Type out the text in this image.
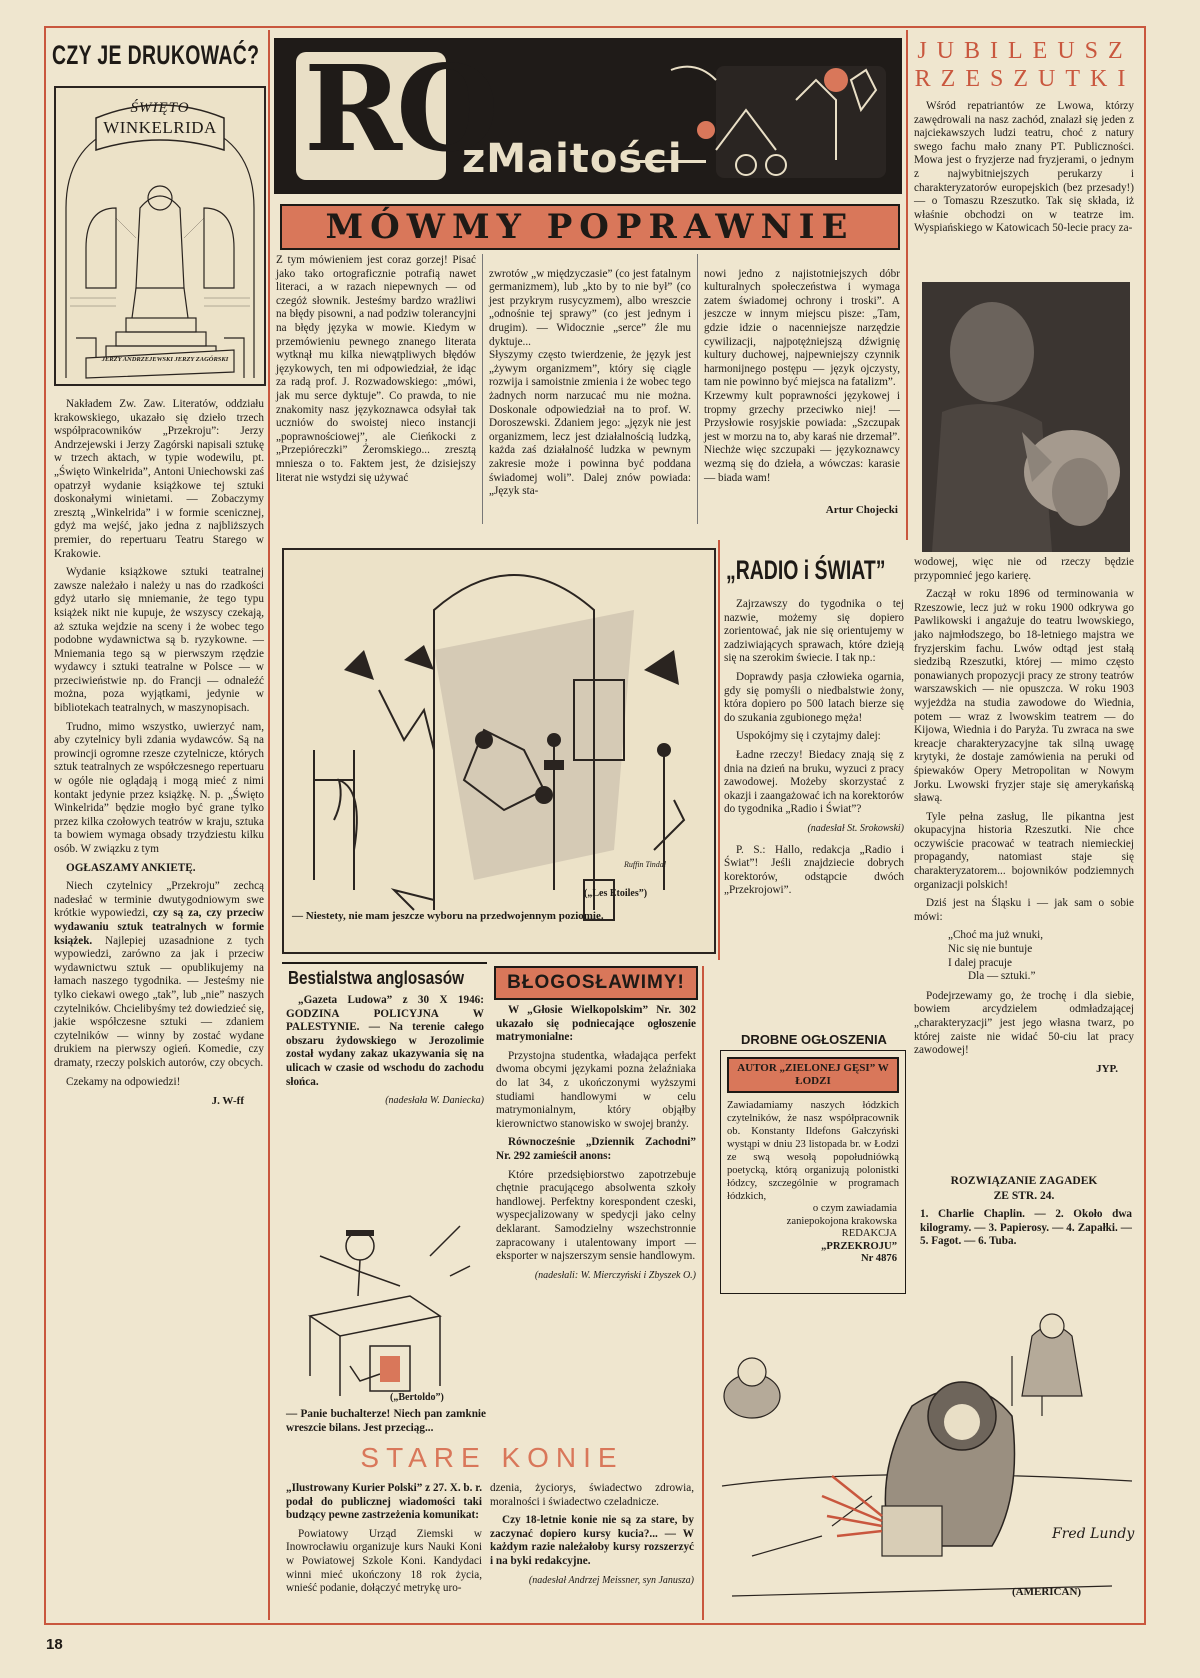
CZY JE DRUKOWAĆ?
ŚWIĘTO
WINKELRIDA
JERZY ANDRZEJEWSKI JERZY ZAGÓRSKI

Nakładem Zw. Zaw. Literatów, oddziału krakowskiego, ukazało się dzieło trzech współpracowników „Przekroju”: Jerzy Andrzejewski i Jerzy Zagórski napisali sztukę w trzech aktach, w typie wodewilu, pt. „Święto Winkelrida”, Antoni Uniechowski zaś opatrzył wydanie książkowe tej sztuki doskonałymi winietami. — Zobaczymy zresztą „Winkelrida” i w formie scenicznej, gdyż ma wejść, jako jedna z najbliższych premier, do repertuaru Teatru Starego w Krakowie.

Wydanie książkowe sztuki teatralnej zawsze należało i należy u nas do rzadkości gdyż utarło się mniemanie, że tego typu książek nikt nie kupuje, że wszyscy czekają, aż sztuka wejdzie na sceny i że wobec tego podobne wydawnictwa są b. ryzykowne. — Mniemania tego są w pierwszym rzędzie wydawcy i sztuki teatralne w Polsce — w przeciwieństwie np. do Francji — odnaleźć można, poza wyjątkami, jedynie w bibliotekach teatralnych, w maszynopisach.

Trudno, mimo wszystko, uwierzyć nam, aby czytelnicy byli zdania wydawców. Są na prowincji ogromne rzesze czytelnicze, których sztuk teatralnych ze współczesnego repertuaru w ogóle nie oglądają i mogą mieć z nimi kontakt jedynie przez książkę. N. p. „Święto Winkelrida” będzie mogło być grane tylko przez kilka czołowych teatrów w kraju, sztuka ta bowiem wymaga obsady trzydziestu kilku osób. W związku z tym

OGŁASZAMY ANKIETĘ.

Niech czytelnicy „Przekroju” zechcą nadesłać w terminie dwutygodniowym swe krótkie wypowiedzi, czy są za, czy przeciw wydawaniu sztuk teatralnych w formie książek. Najlepiej uzasadnione z tych wypowiedzi, zarówno za jak i przeciw wydawnictwu sztuk — opublikujemy na łamach naszego tygodnika. — Jesteśmy nie tylko ciekawi owego „tak”, lub „nie” naszych czytelników. Chcielibyśmy też dowiedzieć się, jakie współczesne sztuki — zdaniem czytelników — winny by zostać wydane drukiem na pierwszy ogień. Komedie, czy dramaty, rzeczy polskich autorów, czy obcych.

Czekamy na odpowiedzi!

J. W-ff
RO
zMaitości
MÓWMY POPRAWNIE

Z tym mówieniem jest coraz gorzej! Pisać jako tako ortograficznie potrafią nawet literaci, a w razach niepewnych — od czegóż słownik. Jesteśmy bardzo wrażliwi na błędy pisowni, a nad podziw tolerancyjni na błędy języka w mowie. Kiedym w przemówieniu pewnego znanego literata wytknął mu kilka niewątpliwych błędów językowych, ten mi odpowiedział, że idąc za radą prof. J. Rozwadowskiego: „mówi, jak mu serce dyktuje”. Co prawda, to nie znakomity nasz językoznawca odsyłał tak uczniów do swoistej nieco instancji „poprawnościowej”, ale Cieńkocki z „Przepióreczki” Żeromskiego... zresztą mniesza o to. Faktem jest, że dzisiejszy literat nie wstydzi się używać

zwrotów „w międzyczasie” (co jest fatalnym germanizmem), lub „kto by to nie był” (co jest przykrym rusycyzmem), albo wreszcie „odnośnie tej sprawy” (co jest jednym i drugim). — Widocznie „serce” źle mu dyktuje...
Słyszymy często twierdzenie, że język jest „żywym organizmem”, który się ciągle rozwija i samoistnie zmienia i że wobec tego żadnych norm narzucać mu nie można. Doskonale odpowiedział na to prof. W. Doroszewski. Zdaniem jego: „język nie jest organizmem, lecz jest działalnością ludzką, każda zaś działalność ludzka w pewnym zakresie może i powinna być poddana świadomej woli”. Dalej znów powiada: „Język sta-

nowi jedno z najistotniejszych dóbr kulturalnych społeczeństwa i wymaga zatem świadomej ochrony i troski”. A jeszcze w innym miejscu pisze: „Tam, gdzie idzie o nacenniejsze narzędzie cywilizacji, najpotężniejszą dźwignię kultury duchowej, najpewniejszy czynnik harmonijnego postępu — język ojczysty, tam nie powinno być miejsca na fatalizm”.
Krzewmy kult poprawności językowej i tropmy grzechy przeciwko niej! — Przysłowie rosyjskie powiada: „Szczupak jest w morzu na to, aby karaś nie drzemał”. Niechże więc szczupaki — językoznawcy wezmą się do dzieła, a wówczas: karasie — biada wam!

Artur Chojecki

JUBILEUSZ
RZESZUTKI

Wśród repatriantów ze Lwowa, którzy zawędrowali na nasz zachód, znalazł się jeden z najciekawszych ludzi teatru, choć z natury swego fachu mało znany PT. Publiczności. Mowa jest o fryzjerze nad fryzjerami, o jednym z najwybitniejszych perukarzy i charakteryzatorów europejskich (bez przesady!) — o Tomaszu Rzeszutko. Tak się składa, iż właśnie obchodzi on w teatrze im. Wyspiańskiego w Katowicach 50-lecie pracy za-

wodowej, więc nie od rzeczy będzie przypomnieć jego karierę.

Zaczął w roku 1896 od terminowania w Rzeszowie, lecz już w roku 1900 odkrywa go Pawlikowski i angażuje do teatru lwowskiego, jako najmłodszego, bo 18-letniego majstra we fryzjerskim fachu. Lwów odtąd jest stałą siedzibą Rzeszutki, której — mimo często ponawianych propozycji pracy ze strony teatrów warszawskich — nie opuszcza. W roku 1903 wyjeżdża na studia zawodowe do Wiednia, potem — wraz z lwowskim teatrem — do Kijowa, Wiednia i do Paryża. Tu zwraca na swe kreacje charakteryzacyjne tak silną uwagę krytyki, że dostaje zamówienia na peruki od śpiewaków Opery Metropolitan w Nowym Jorku. Lwowski fryzjer staje się amerykańską sławą.

Tyle pełna zasług, lle pikantna jest okupacyjna historia Rzeszutki. Nie chce oczywiście pracować w teatrach niemieckiej propagandy, natomiast staje się charakteryzatorem... bojowników podziemnych organizacji polskich!

Dziś jest na Śląsku i — jak sam o sobie mówi:

„Choć ma już wnuki,
Nic się nie buntuje
I dalej pracuje
Dla — sztuki.”

Podejrzewamy go, że trochę i dla siebie, bowiem arcydzielem odmładzającej „charakteryzacji” jest jego własna twarz, po której zaiste nie widać 50-ciu lat pracy zawodowej!

JYP.
ROZWIĄZANIE ZAGADEK
ZE STR. 24.
1. Charlie Chaplin. — 2. Około dwa kilogramy. — 3. Papierosy. — 4. Zapałki. — 5. Fagot. — 6. Tuba.
(„Les Etoiles”)
Ruffin Tindal
— Niestety, nie mam jeszcze wyboru na przedwojennym poziomie.
„RADIO i ŚWIAT”

Zajrzawszy do tygodnika o tej nazwie, możemy się dopiero zorientować, jak nie się orientujemy w zadziwiających sprawach, które dzieją się na szerokim świecie. I tak np.:

Doprawdy pasja człowieka ogarnia, gdy się pomyśli o niedbalstwie żony, która dopiero po 500 latach bierze się do szukania zgubionego męża!

Uspokójmy się i czytajmy dalej:

Ładne rzeczy! Biedacy znają się z dnia na dzień na bruku, wyzuci z pracy zawodowej. Możeby skorzystać z okazji i zaangażować ich na korektorów do tygodnika „Radio i Świat”?

(nadesłał St. Srokowski)

P. S.: Hallo, redakcja „Radio i Świat”! Jeśli znajdziecie dobrych korektorów, odstąpcie dwóch „Przekrojowi”.

Bestialstwa anglosasów

„Gazeta Ludowa” z 30 X 1946: GODZINA POLICYJNA W PALESTYNIE. — Na terenie całego obszaru żydowskiego w Jerozolimie został wydany zakaz ukazywania się na ulicach w czasie od wschodu do zachodu słońca.

(nadesłała W. Daniecka)
(„Bertoldo”)
— Panie buchalterze! Niech pan zamknie wreszcie bilans. Jest przeciąg...
BŁOGOSŁAWIMY!

W „Głosie Wielkopolskim” Nr. 302 ukazało się podniecające ogłoszenie matrymonialne:

Przystojna studentka, władająca perfekt dwoma obcymi językami pozna żelaźniaka do lat 34, z ukończonymi wyższymi studiami handlowymi w celu matrymonialnym, który objąłby kierownictwo stanowisko w swojej branży.

Równocześnie „Dziennik Zachodni” Nr. 292 zamieścił anons:

Które przedsiębiorstwo zapotrzebuje chętnie pracującego absolwenta szkoły handlowej. Perfektny korespondent czeski, wyspecjalizowany w spedycji jako celny deklarant. Samodzielny wszechstronnie zapracowany i utalentowany import — eksporter w najszerszym sensie handlowym.

(nadesłali: W. Mierczyński i Zbyszek O.)
DROBNE OGŁOSZENIA
AUTOR „ZIELONEJ GĘSI” W ŁODZI
Zawiadamiamy naszych łódzkich czytelników, że nasz współpracownik ob. Konstanty Ildefons Gałczyński wystąpi w dniu 23 listopada br. w Łodzi ze swą wesołą popołudniówką poetycką, którą organizują polonistki łódzcy, szczególnie w programach łódzkich,
o czym zawiadamia
zaniepokojona krakowska REDAKCJA
„PRZEKROJU”
Nr 4876
STARE KONIE

„Ilustrowany Kurier Polski” z 27. X. b. r. podał do publicznej wiadomości taki budzący pewne zastrzeżenia komunikat:

Powiatowy Urząd Ziemski w Inowrocławiu organizuje kurs Nauki Koni w Powiatowej Szkole Koni. Kandydaci winni mieć ukończony 18 rok życia, wnieść podanie, dołączyć metrykę uro-

dzenia, życiorys, świadectwo zdrowia, moralności i świadectwo czeladnicze.

Czy 18-letnie konie nie są za stare, by zaczynać dopiero kursy kucia?... — W każdym razie należałoby kursy rozszerzyć i na byki redakcyjne.

(nadesłał Andrzej Meissner, syn Janusza)
Fred Lundy
(AMERICAN)
18
